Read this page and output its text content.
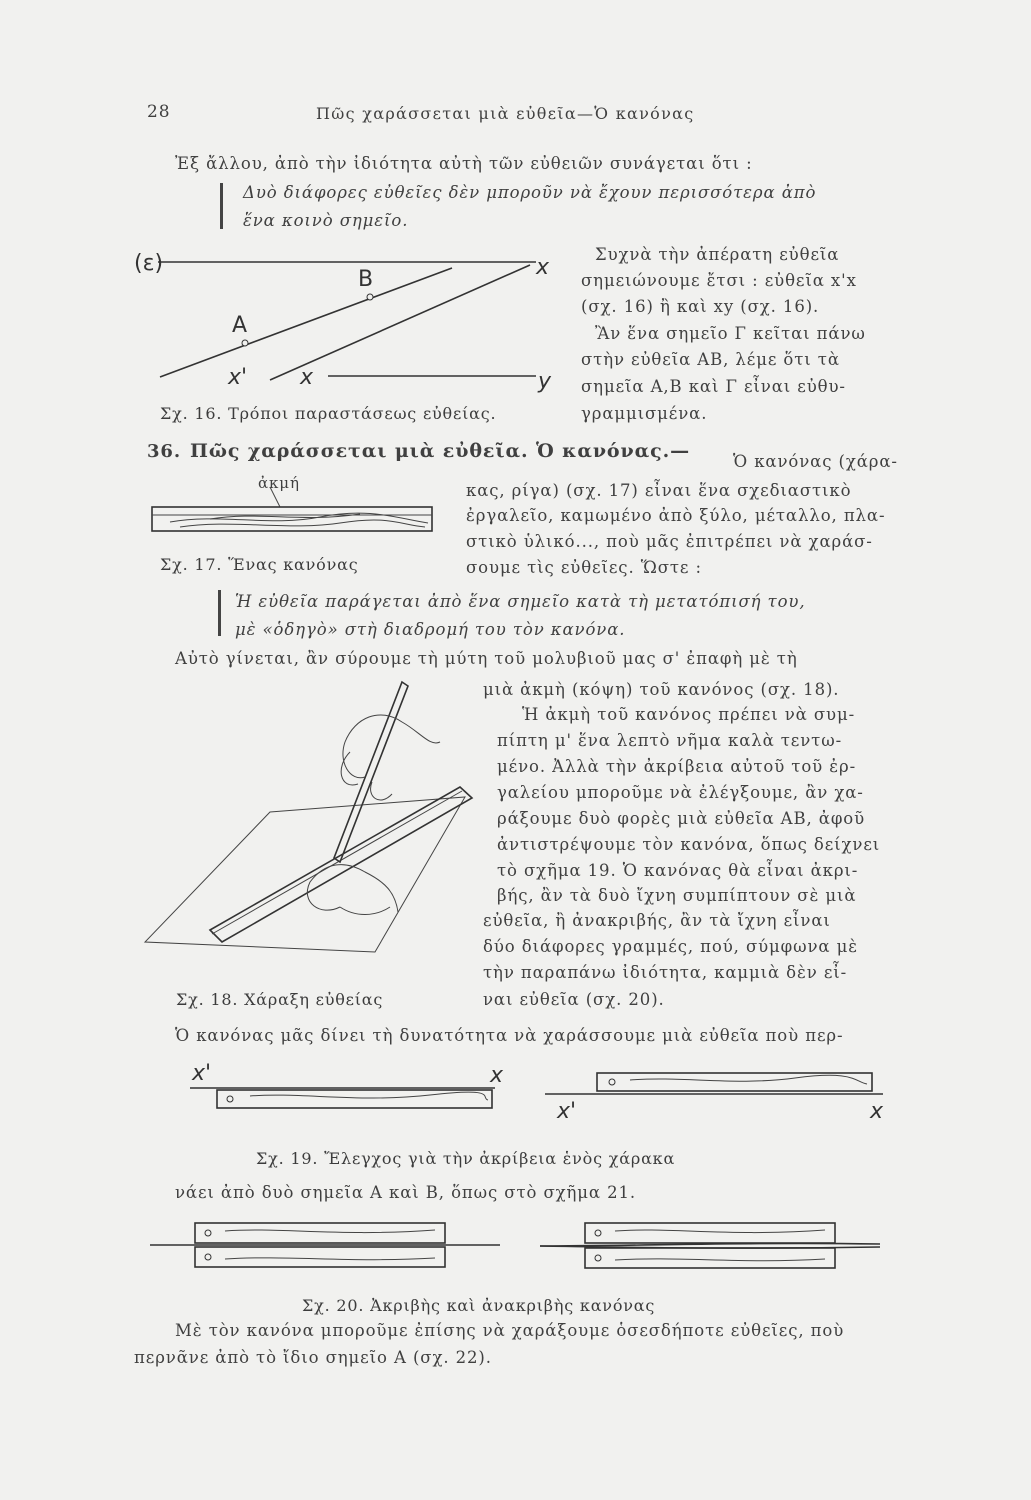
28	Πῶς χαράσσεται μιὰ εὐθεῖα—Ὁ κανόνας
Ἐξ ἄλλου, ἀπὸ τὴν ἰδιότητα αὐτὴ τῶν εὐθειῶν συνάγεται ὅτι :
Δυὸ διάφορες εὐθεῖες δὲν μποροῦν νὰ ἔχουν περισσότερα ἀπὸ
ἕνα κοινὸ σημεῖο.
(ε)	x
B
A
x' x	y
Σχ. 16. Τρόποι παραστάσεως εὐθείας.
Συχνὰ τὴν ἀπέρατη εὐθεῖα
σημειώνουμε ἔτσι : εὐθεῖα x'x
(σχ. 16) ἢ καὶ xy (σχ. 16).
Ἂν ἕνα σημεῖο Γ κεῖται πάνω
στὴν εὐθεῖα ΑΒ, λέμε ὅτι τὰ
σημεῖα Α,Β καὶ Γ εἶναι εὐθυ-
γραμμισμένα.
36. Πῶς χαράσσεται μιὰ εὐθεῖα. Ὁ κανόνας.—	Ὁ κανόνας (χάρα-
κας, ρίγα) (σχ. 17) εἶναι ἕνα σχεδιαστικὸ
ἐργαλεῖο, καμωμένο ἀπὸ ξύλο, μέταλλο, πλα-
στικὸ ὑλικό..., ποὺ μᾶς ἐπιτρέπει νὰ χαράσ-
σουμε τὶς εὐθεῖες. Ὥστε :
ἀκμή
Σχ. 17. Ἕνας κανόνας
Ἡ εὐθεῖα παράγεται ἀπὸ ἕνα σημεῖο κατὰ τὴ μετατόπισή του,
μὲ «ὁδηγὸ» στὴ διαδρομή του τὸν κανόνα.
Αὐτὸ γίνεται, ἂν σύρουμε τὴ μύτη τοῦ μολυβιοῦ μας σ' ἐπαφὴ μὲ τὴ
Σχ. 18. Χάραξη εὐθείας
μιὰ ἀκμὴ (κόψη) τοῦ κανόνος (σχ. 18).
Ἡ ἀκμὴ τοῦ κανόνος πρέπει νὰ συμ-
πίπτη μ' ἕνα λεπτὸ νῆμα καλὰ τεντω-
μένο. Ἀλλὰ τὴν ἀκρίβεια αὐτοῦ τοῦ ἐρ-
γαλείου μποροῦμε νὰ ἐλέγξουμε, ἂν χα-
ράξουμε δυὸ φορὲς μιὰ εὐθεῖα ΑΒ, ἀφοῦ
ἀντιστρέψουμε τὸν κανόνα, ὅπως δείχνει
τὸ σχῆμα 19. Ὁ κανόνας θὰ εἶναι ἀκρι-
βής, ἂν τὰ δυὸ ἴχνη συμπίπτουν σὲ μιὰ
εὐθεῖα, ἢ ἀνακριβής, ἂν τὰ ἴχνη εἶναι
δύο διάφορες γραμμές, πού, σύμφωνα μὲ
τὴν παραπάνω ἰδιότητα, καμμιὰ δὲν εἶ-
ναι εὐθεῖα (σχ. 20).
Ὁ κανόνας μᾶς δίνει τὴ δυνατότητα νὰ χαράσσουμε μιὰ εὐθεῖα ποὺ περ-
x'	x
x'	x
Σχ. 19. Ἔλεγχος γιὰ τὴν ἀκρίβεια ἑνὸς χάρακα
νάει ἀπὸ δυὸ σημεῖα Α καὶ Β, ὅπως στὸ σχῆμα 21.
Σχ. 20. Ἀκριβὴς καὶ ἀνακριβὴς κανόνας
Μὲ τὸν κανόνα μποροῦμε ἐπίσης νὰ χαράξουμε ὁσεσδήποτε εὐθεῖες, ποὺ
περνᾶνε ἀπὸ τὸ ἴδιο σημεῖο Α (σχ. 22).
